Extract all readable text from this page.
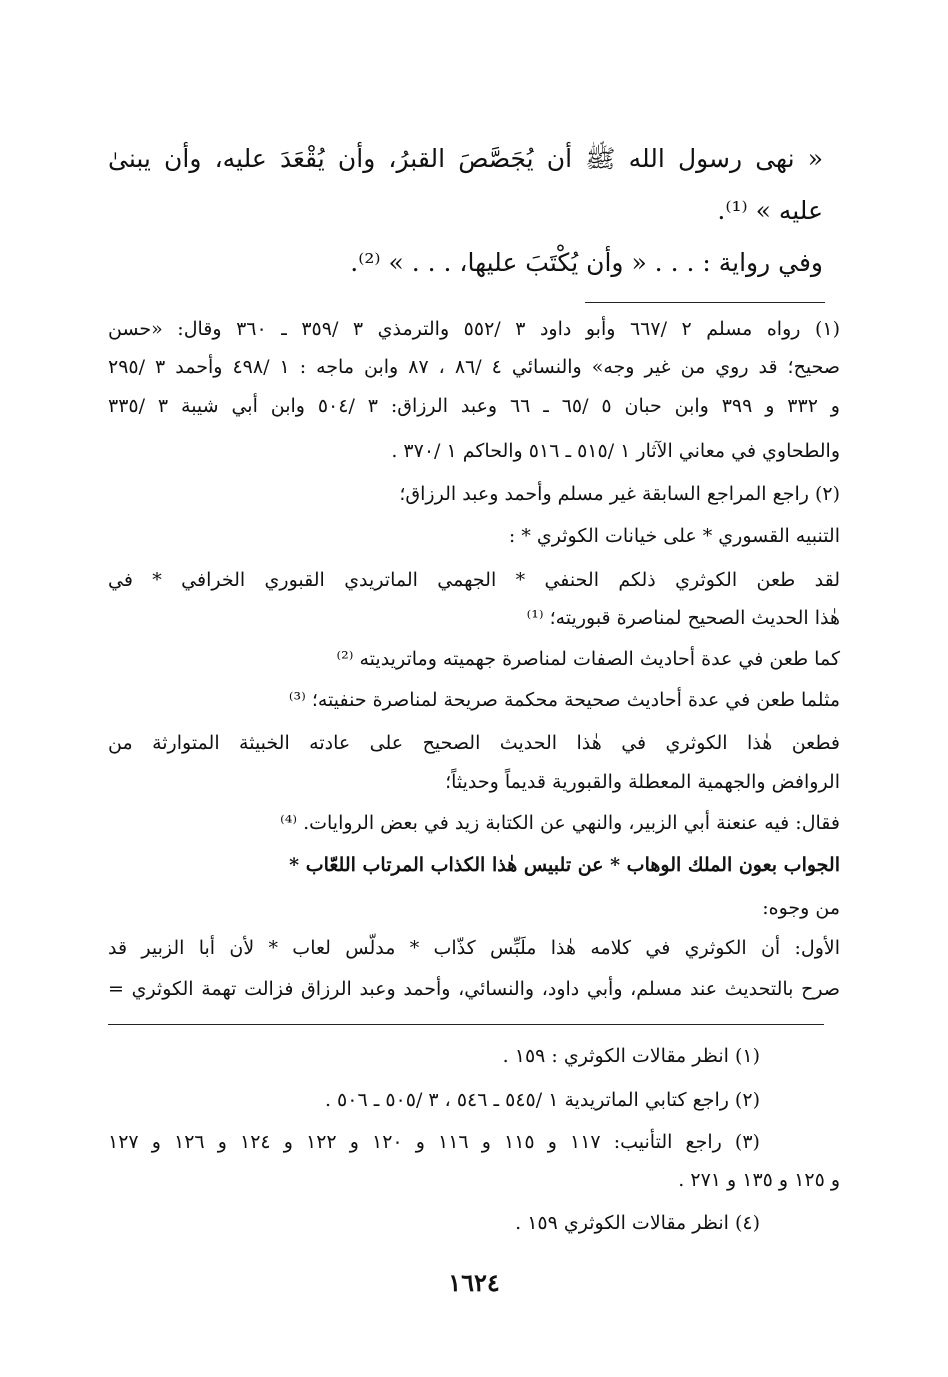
« نهى رسول الله ﷺ أن يُجَصَّصَ القبرُ، وأن يُقْعَدَ عليه، وأن يبنىٰ
عليه » ⁽¹⁾.
وفي رواية : . . . « وأن يُكْتَبَ عليها، . . . » ⁽²⁾.
(١) رواه مسلم ٢ /٦٦٧ وأبو داود ٣ /٥٥٢ والترمذي ٣ /٣٥٩ ـ ٣٦٠ وقال: «حسن
صحيح؛ قد روي من غير وجه» والنسائي ٤ /٨٦ ، ٨٧ وابن ماجه : ١ /٤٩٨ وأحمد ٣ /٢٩٥
و ٣٣٢ و ٣٩٩ وابن حبان ٥ /٦٥ ـ ٦٦ وعبد الرزاق: ٣ /٥٠٤ وابن أبي شيبة ٣ /٣٣٥
والطحاوي في معاني الآثار ١ /٥١٥ ـ ٥١٦ والحاكم ١ /٣٧٠ .
(٢) راجع المراجع السابقة غير مسلم وأحمد وعبد الرزاق؛
التنبيه القسوري * على خيانات الكوثري * :
لقد طعن الكوثري ذلكم الحنفي * الجهمي الماتريدي القبوري الخرافي * في
هٰذا الحديث الصحيح لمناصرة قبوريته؛ ⁽¹⁾
كما طعن في عدة أحاديث الصفات لمناصرة جهميته وماتريديته ⁽²⁾
مثلما طعن في عدة أحاديث صحيحة محكمة صريحة لمناصرة حنفيته؛ ⁽³⁾
فطعن هٰذا الكوثري في هٰذا الحديث الصحيح على عادته الخبيثة المتوارثة من
الروافض والجهمية المعطلة والقبورية قديماً وحديثاً؛
فقال: فيه عنعنة أبي الزبير، والنهي عن الكتابة زيد في بعض الروايات. ⁽⁴⁾
الجواب بعون الملك الوهاب * عن تلبيس هٰذا الكذاب المرتاب اللعّاب *
من وجوه:
الأول: أن الكوثري في كلامه هٰذا ملَبِّس كذّاب * مدلّس لعاب * لأن أبا الزبير قد
صرح بالتحديث عند مسلم، وأبي داود، والنسائي، وأحمد وعبد الرزاق فزالت تهمة الكوثري =
(١) انظر مقالات الكوثري : ١٥٩ .
(٢) راجع كتابي الماتريدية ١ /٥٤٥ ـ ٥٤٦ ، ٣ /٥٠٥ ـ ٥٠٦ .
(٣) راجع التأنيب: ١١٧ و ١١٥ و ١١٦ و ١٢٠ و ١٢٢ و ١٢٤ و ١٢٦ و ١٢٧
و ١٢٥ و ١٣٥ و ٢٧١ .
(٤) انظر مقالات الكوثري ١٥٩ .
١٦٢٤
